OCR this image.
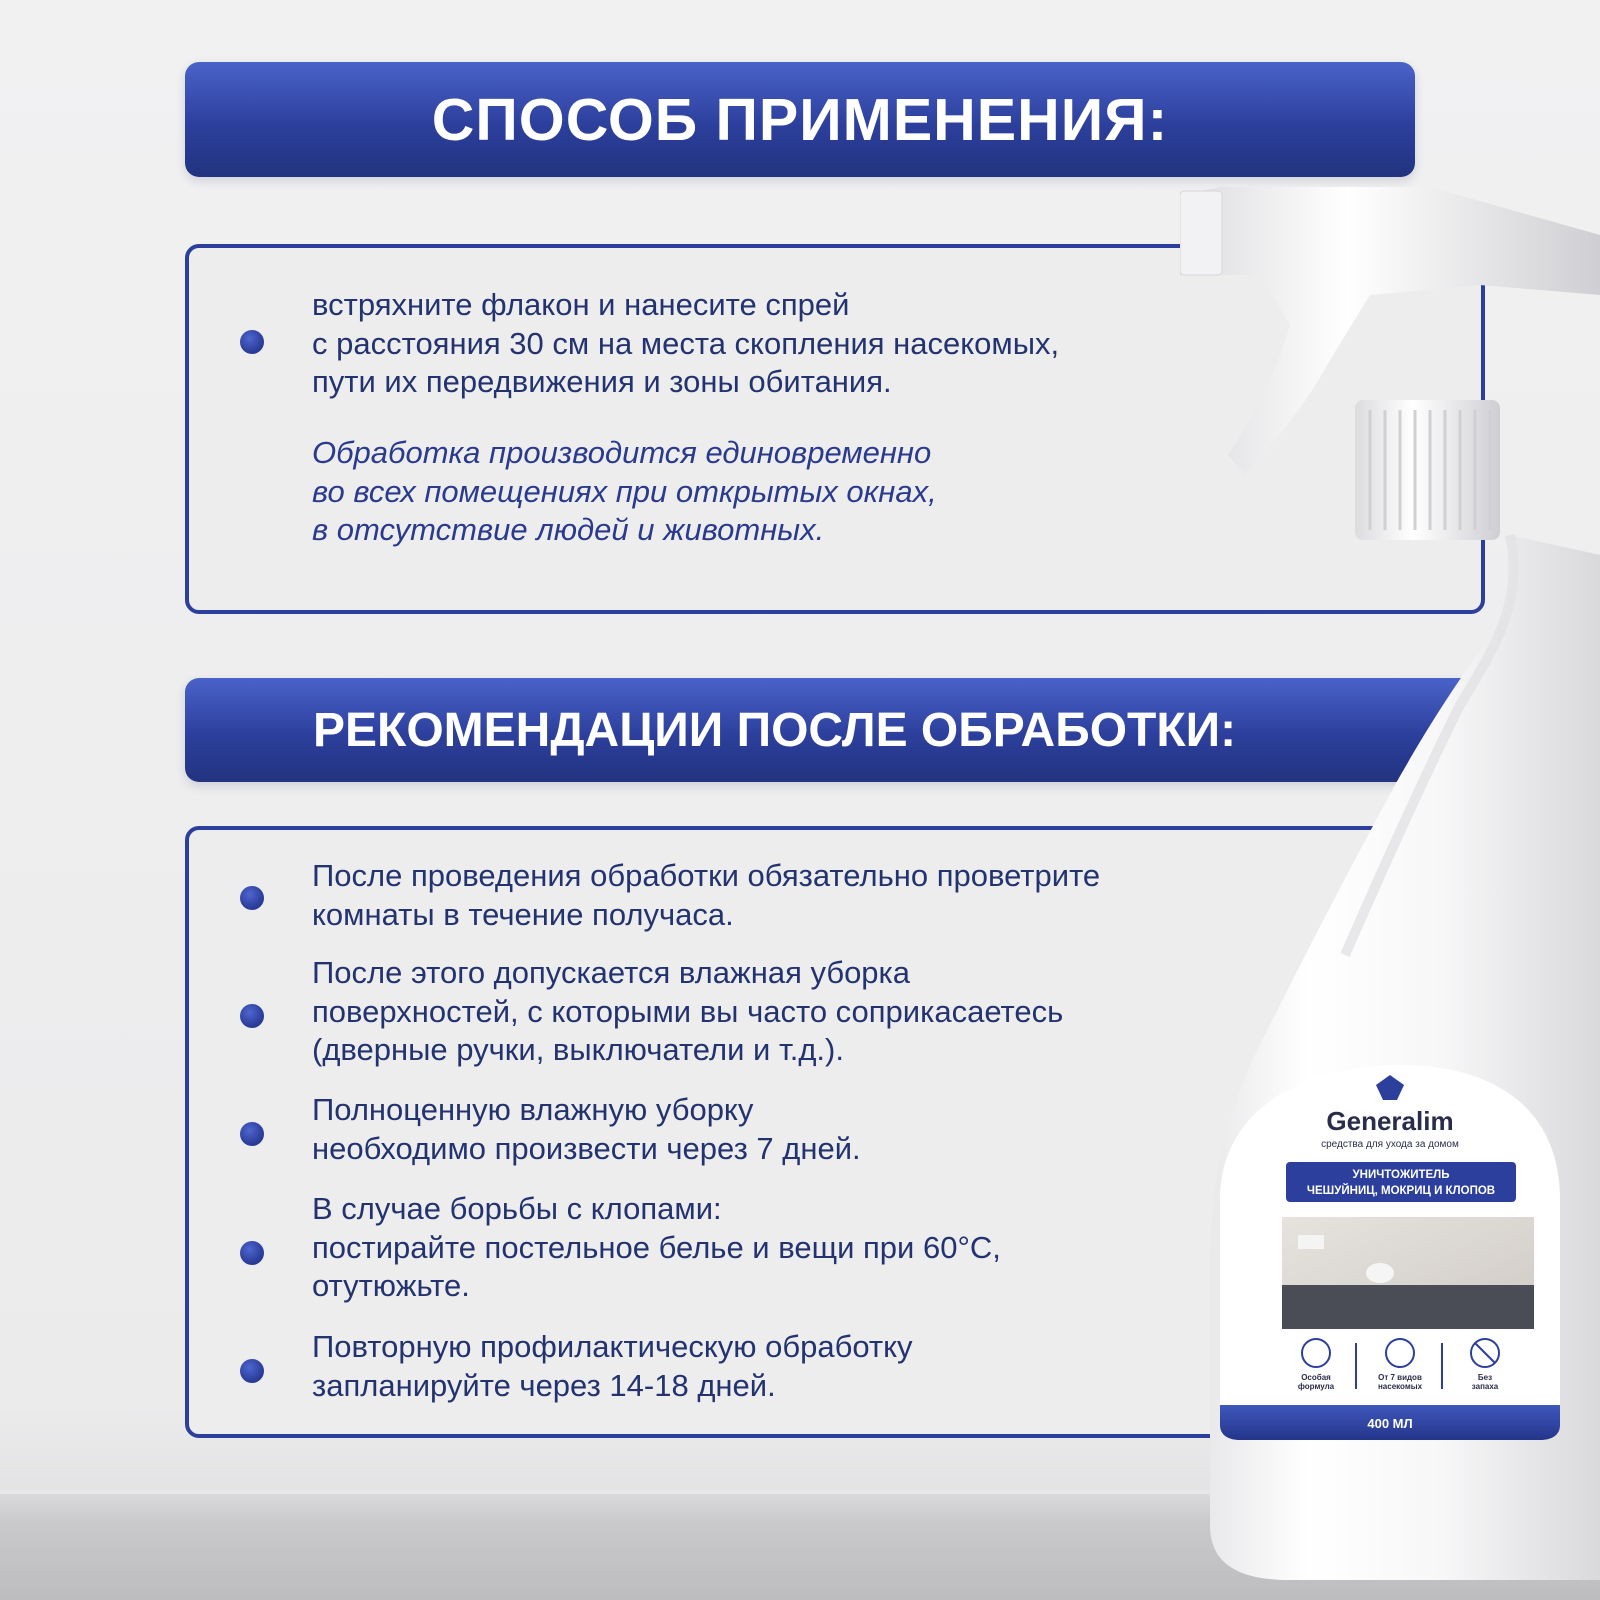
СПОСОБ ПРИМЕНЕНИЯ:
встряхните флакон и нанесите спрей
с расстояния 30 см на места скопления насекомых,
пути их передвижения и зоны обитания.
Обработка производится единовременно
во всех помещениях при открытых окнах,
в отсутствие людей и животных.
РЕКОМЕНДАЦИИ ПОСЛЕ ОБРАБОТКИ:
После проведения обработки обязательно проветрите
комнаты в течение получаса.
После этого допускается влажная уборка
поверхностей, с которыми вы часто соприкасаетесь
(дверные ручки, выключатели и т.д.).
Полноценную влажную уборку
необходимо произвести через 7 дней.
В случае борьбы с клопами:
постирайте постельное белье и вещи при 60°С,
отутюжьте.
Повторную профилактическую обработку
запланируйте через 14-18 дней.
Generalim
средства для ухода за домом
УНИЧТОЖИТЕЛЬ
ЧЕШУЙНИЦ, МОКРИЦ И КЛОПОВ
Особая
формула
От 7 видов
насекомых
Без
запаха
400 МЛ
